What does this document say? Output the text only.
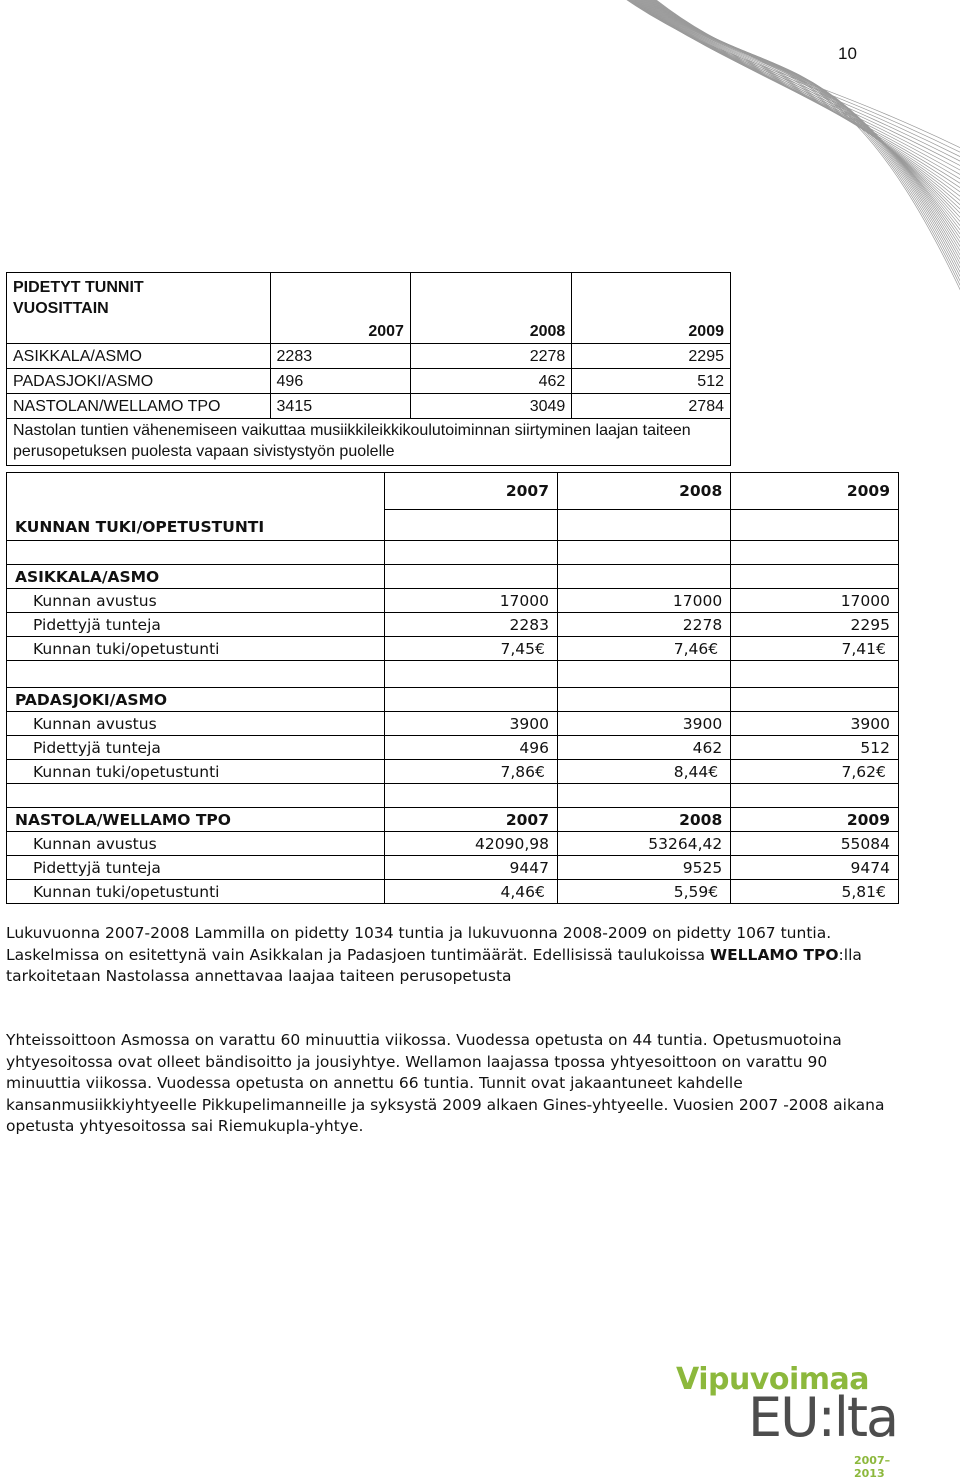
10
PIDETYT TUNNIT
VUOSITTAIN			
	2007	2008	2009
ASIKKALA/ASMO	2283	2278	2295
PADASJOKI/ASMO	496	462	512
NASTOLAN/WELLAMO TPO	3415	3049	2784
Nastolan tuntien vähenemiseen vaikuttaa musiikkileikkikoulutoiminnan siirtyminen laajan taiteen perusopetuksen puolesta vapaan sivistystyön puolelle			
KUNNAN TUKI/OPETUSTUNTI	2007	2008	2009

ASIKKALA/ASMO			
Kunnan avustus	17000	17000	17000
Pidettyjä tunteja	2283	2278	2295
Kunnan tuki/opetustunti	7,45€	7,46€	7,41€

PADASJOKI/ASMO			
Kunnan avustus	3900	3900	3900
Pidettyjä tunteja	496	462	512
Kunnan tuki/opetustunti	7,86€	8,44€	7,62€

NASTOLA/WELLAMO TPO	2007	2008	2009
Kunnan avustus	42090,98	53264,42	55084
Pidettyjä tunteja	9447	9525	9474
Kunnan tuki/opetustunti	4,46€	5,59€	5,81€

Lukuvuonna 2007-2008 Lammilla on pidetty 1034 tuntia ja lukuvuonna 2008-2009 on pidetty 1067 tuntia. Laskelmissa on esitettynä vain Asikkalan ja Padasjoen tuntimäärät. Edellisissä taulukoissa WELLAMO TPO:lla tarkoitetaan Nastolassa annettavaa laajaa taiteen perusopetusta

Yhteissoittoon Asmossa on varattu 60 minuuttia viikossa. Vuodessa opetusta on 44 tuntia. Opetusmuotoina yhtyesoitossa ovat olleet bändisoitto ja jousiyhtye. Wellamon laajassa tpossa yhtyesoittoon on varattu 90 minuuttia viikossa. Vuodessa opetusta on annettu 66 tuntia. Tunnit ovat jakaantuneet kahdelle kansanmusiikkiyhtyeelle Pikkupelimanneille ja syksystä 2009 alkaen Gines-yhtyeelle. Vuosien 2007 -2008 aikana opetusta yhtyesoitossa sai Riemukupla-yhtye.

Vipuvoimaa
EU:lta
2007–2013
